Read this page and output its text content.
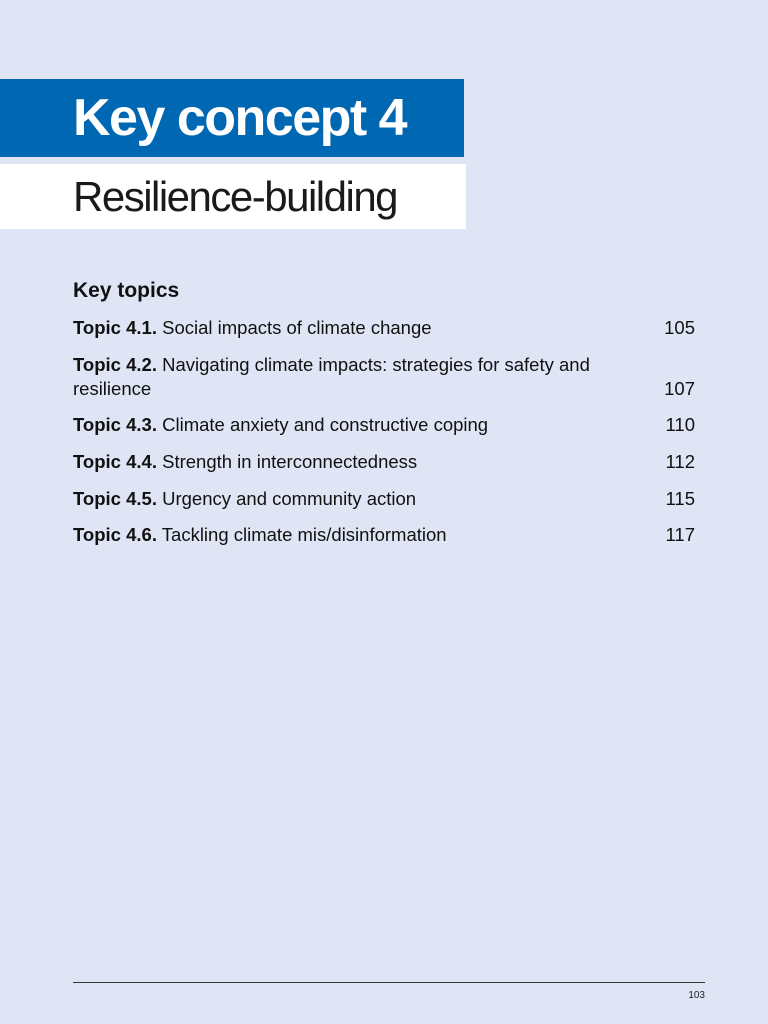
Key concept 4
Resilience-building
Key topics
Topic 4.1. Social impacts of climate change	105
Topic 4.2. Navigating climate impacts: strategies for safety and resilience	107
Topic 4.3. Climate anxiety and constructive coping	110
Topic 4.4. Strength in interconnectedness	112
Topic 4.5. Urgency and community action	115
Topic 4.6. Tackling climate mis/disinformation	117
103
